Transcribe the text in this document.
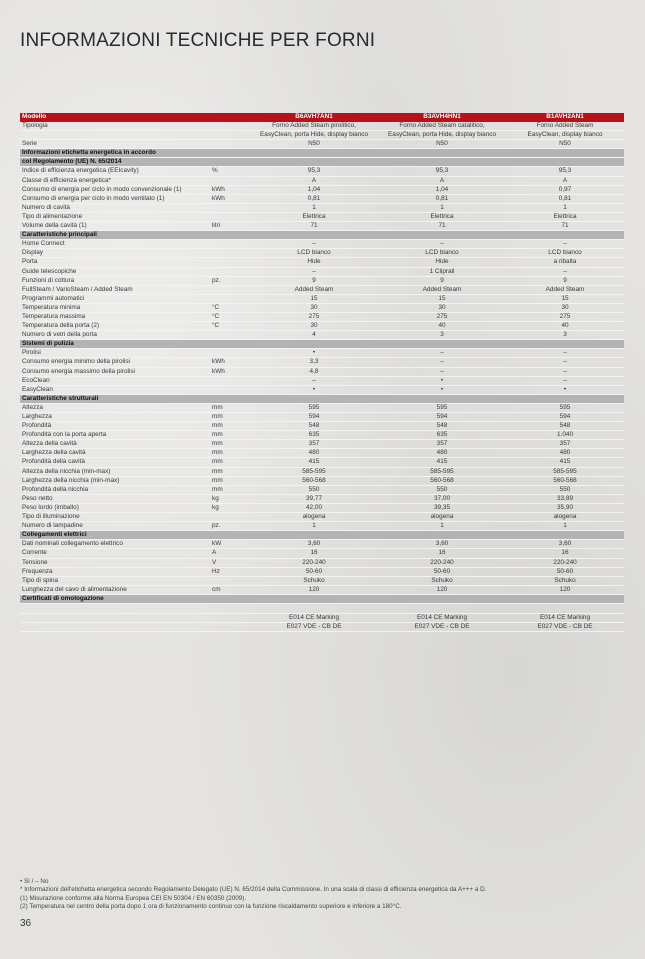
INFORMAZIONI TECNICHE PER FORNI
Modello		B6AVH7AN1	B3AVH4HN1	B1AVH2AN1
Tipologia		Forno Added Steam pirolitico,	Forno Added Steam catalitico,	Forno Added Steam
		EasyClean, porta Hide, display bianco	EasyClean, porta Hide, display bianco	EasyClean, display bianco
Serie		N50	N50	N50
Informazioni etichetta energetica in accordo				
col Regolamento (UE) N. 65/2014				
Indice di efficienza energetica (EEIcavity)	%	95,3	95,3	95,3
Classe di efficienza energetica*		A	A	A
Consumo di energia per ciclo in modo convenzionale (1)	kWh	1,04	1,04	0,97
Consumo di energia per ciclo in modo ventilato (1)	kWh	0,81	0,81	0,81
Numero di cavità		1	1	1
Tipo di alimentazione		Elettrica	Elettrica	Elettrica
Volume della cavità (1)	litri	71	71	71
Caratteristiche principali				
Home Connect		–	–	–
Display		LCD bianco	LCD bianco	LCD bianco
Porta		Hide	Hide	a ribalta
Guide telescopiche		–	1 Cliprail	–
Funzioni di cottura	pz.	9	9	9
FullSteam / VarioSteam / Added Steam		Added Steam	Added Steam	Added Steam
Programmi automatici		15	15	15
Temperatura minima	°C	30	30	30
Temperatura massima	°C	275	275	275
Temperatura della porta (2)	°C	30	40	40
Numero di vetri della porta		4	3	3
Sistemi di pulizia				
Pirolisi		•	–	–
Consumo energia minimo della pirolisi	kWh	3,3	–	–
Consumo energia massimo della pirolisi	kWh	4,8	–	–
EcoClean		–	•	–
EasyClean		•	•	•
Caratteristiche strutturali				
Altezza	mm	595	595	595
Larghezza	mm	594	594	594
Profondità	mm	548	548	548
Profondità con la porta aperta	mm	635	635	1.040
Altezza della cavità	mm	357	357	357
Larghezza della cavità	mm	480	480	480
Profondità della cavità	mm	415	415	415
Altezza della nicchia (min-max)	mm	585-595	585-595	585-595
Larghezza della nicchia (min-max)	mm	560-568	560-568	560-568
Profondità della nicchia	mm	550	550	550
Peso netto	kg	39,77	37,00	33,89
Peso lordo (imballo)	kg	42,00	39,35	35,90
Tipo di illuminazione		alogena	alogena	alogena
Numero di lampadine	pz.	1	1	1
Collegamenti elettrici				
Dati nominali collegamento elettrico	kW	3,60	3,60	3,60
Corrente	A	16	16	16
Tensione	V	220-240	220-240	220-240
Frequenza	Hz	50-60	50-60	50-60
Tipo di spina		Schuko	Schuko	Schuko
Lunghezza del cavo di alimentazione	cm	120	120	120
Certificati di omologazione				

		E014 CE Marking	E014 CE Marking	E014 CE Marking
		E027 VDE - CB DE	E027 VDE - CB DE	E027 VDE - CB DE
• Sì / – No
* Informazioni dell'etichetta energetica secondo Regolamento Delegato (UE) N. 65/2014 della Commissione. In una scala di classi di efficienza energetica da A+++ a D.
(1) Misurazione conforme alla Norma Europea CEI EN 50304 / EN 60350 (2009).
(2) Temperatura nel centro della porta dopo 1 ora di funzionamento continuo con la funzione riscaldamento superiore e inferiore a 180°C.
36
